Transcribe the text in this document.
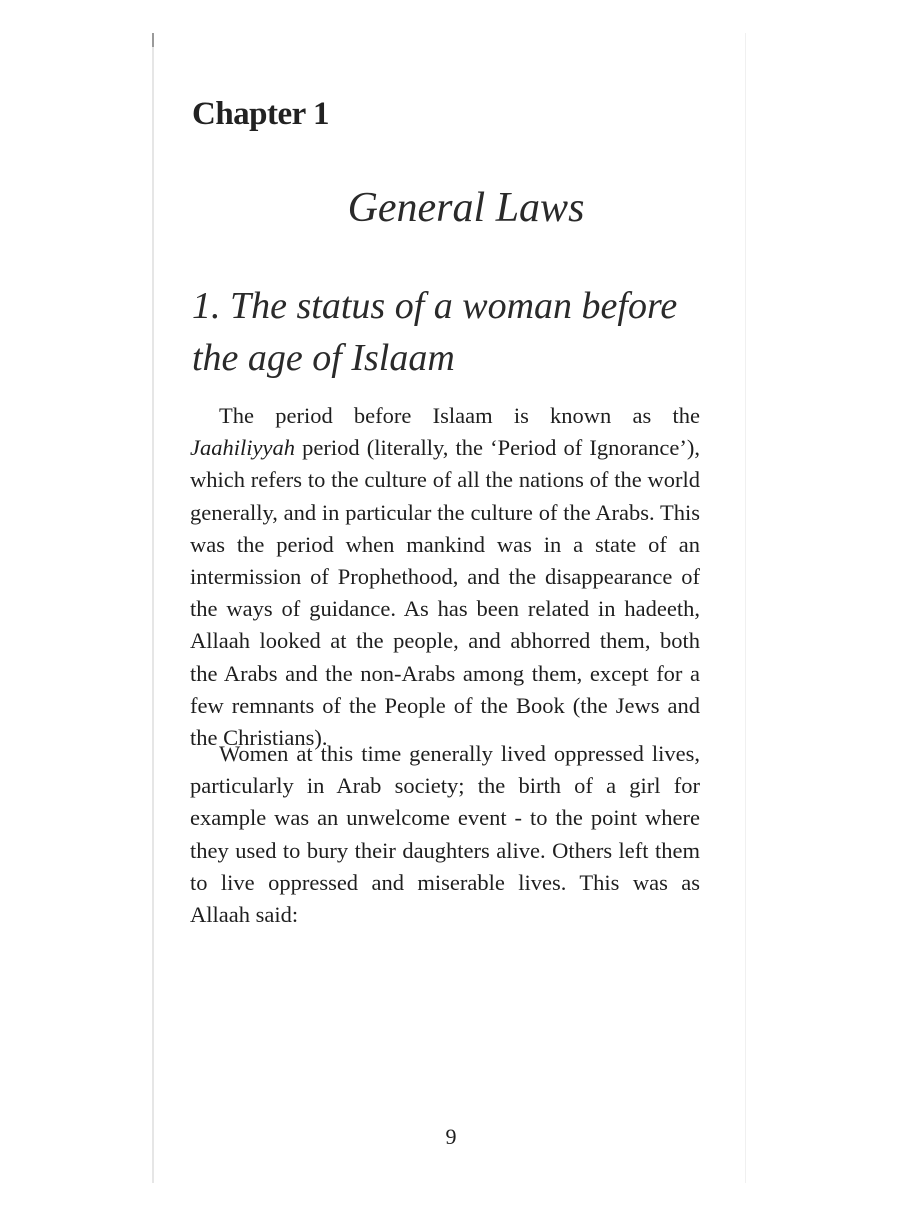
Chapter 1
General Laws
1. The status of a woman before the age of Islaam

The period before Islaam is known as the Jaahiliyyah period (literally, the ‘Period of Ignorance’), which refers to the culture of all the nations of the world generally, and in particular the culture of the Arabs. This was the period when mankind was in a state of an intermission of Prophethood, and the disappearance of the ways of guidance. As has been related in hadeeth, Allaah looked at the people, and abhorred them, both the Arabs and the non-Arabs among them, except for a few remnants of the People of the Book (the Jews and the Christians).

Women at this time generally lived oppressed lives, particularly in Arab society; the birth of a girl for example was an unwelcome event - to the point where they used to bury their daughters alive. Others left them to live oppressed and miserable lives. This was as Allaah said:

9
